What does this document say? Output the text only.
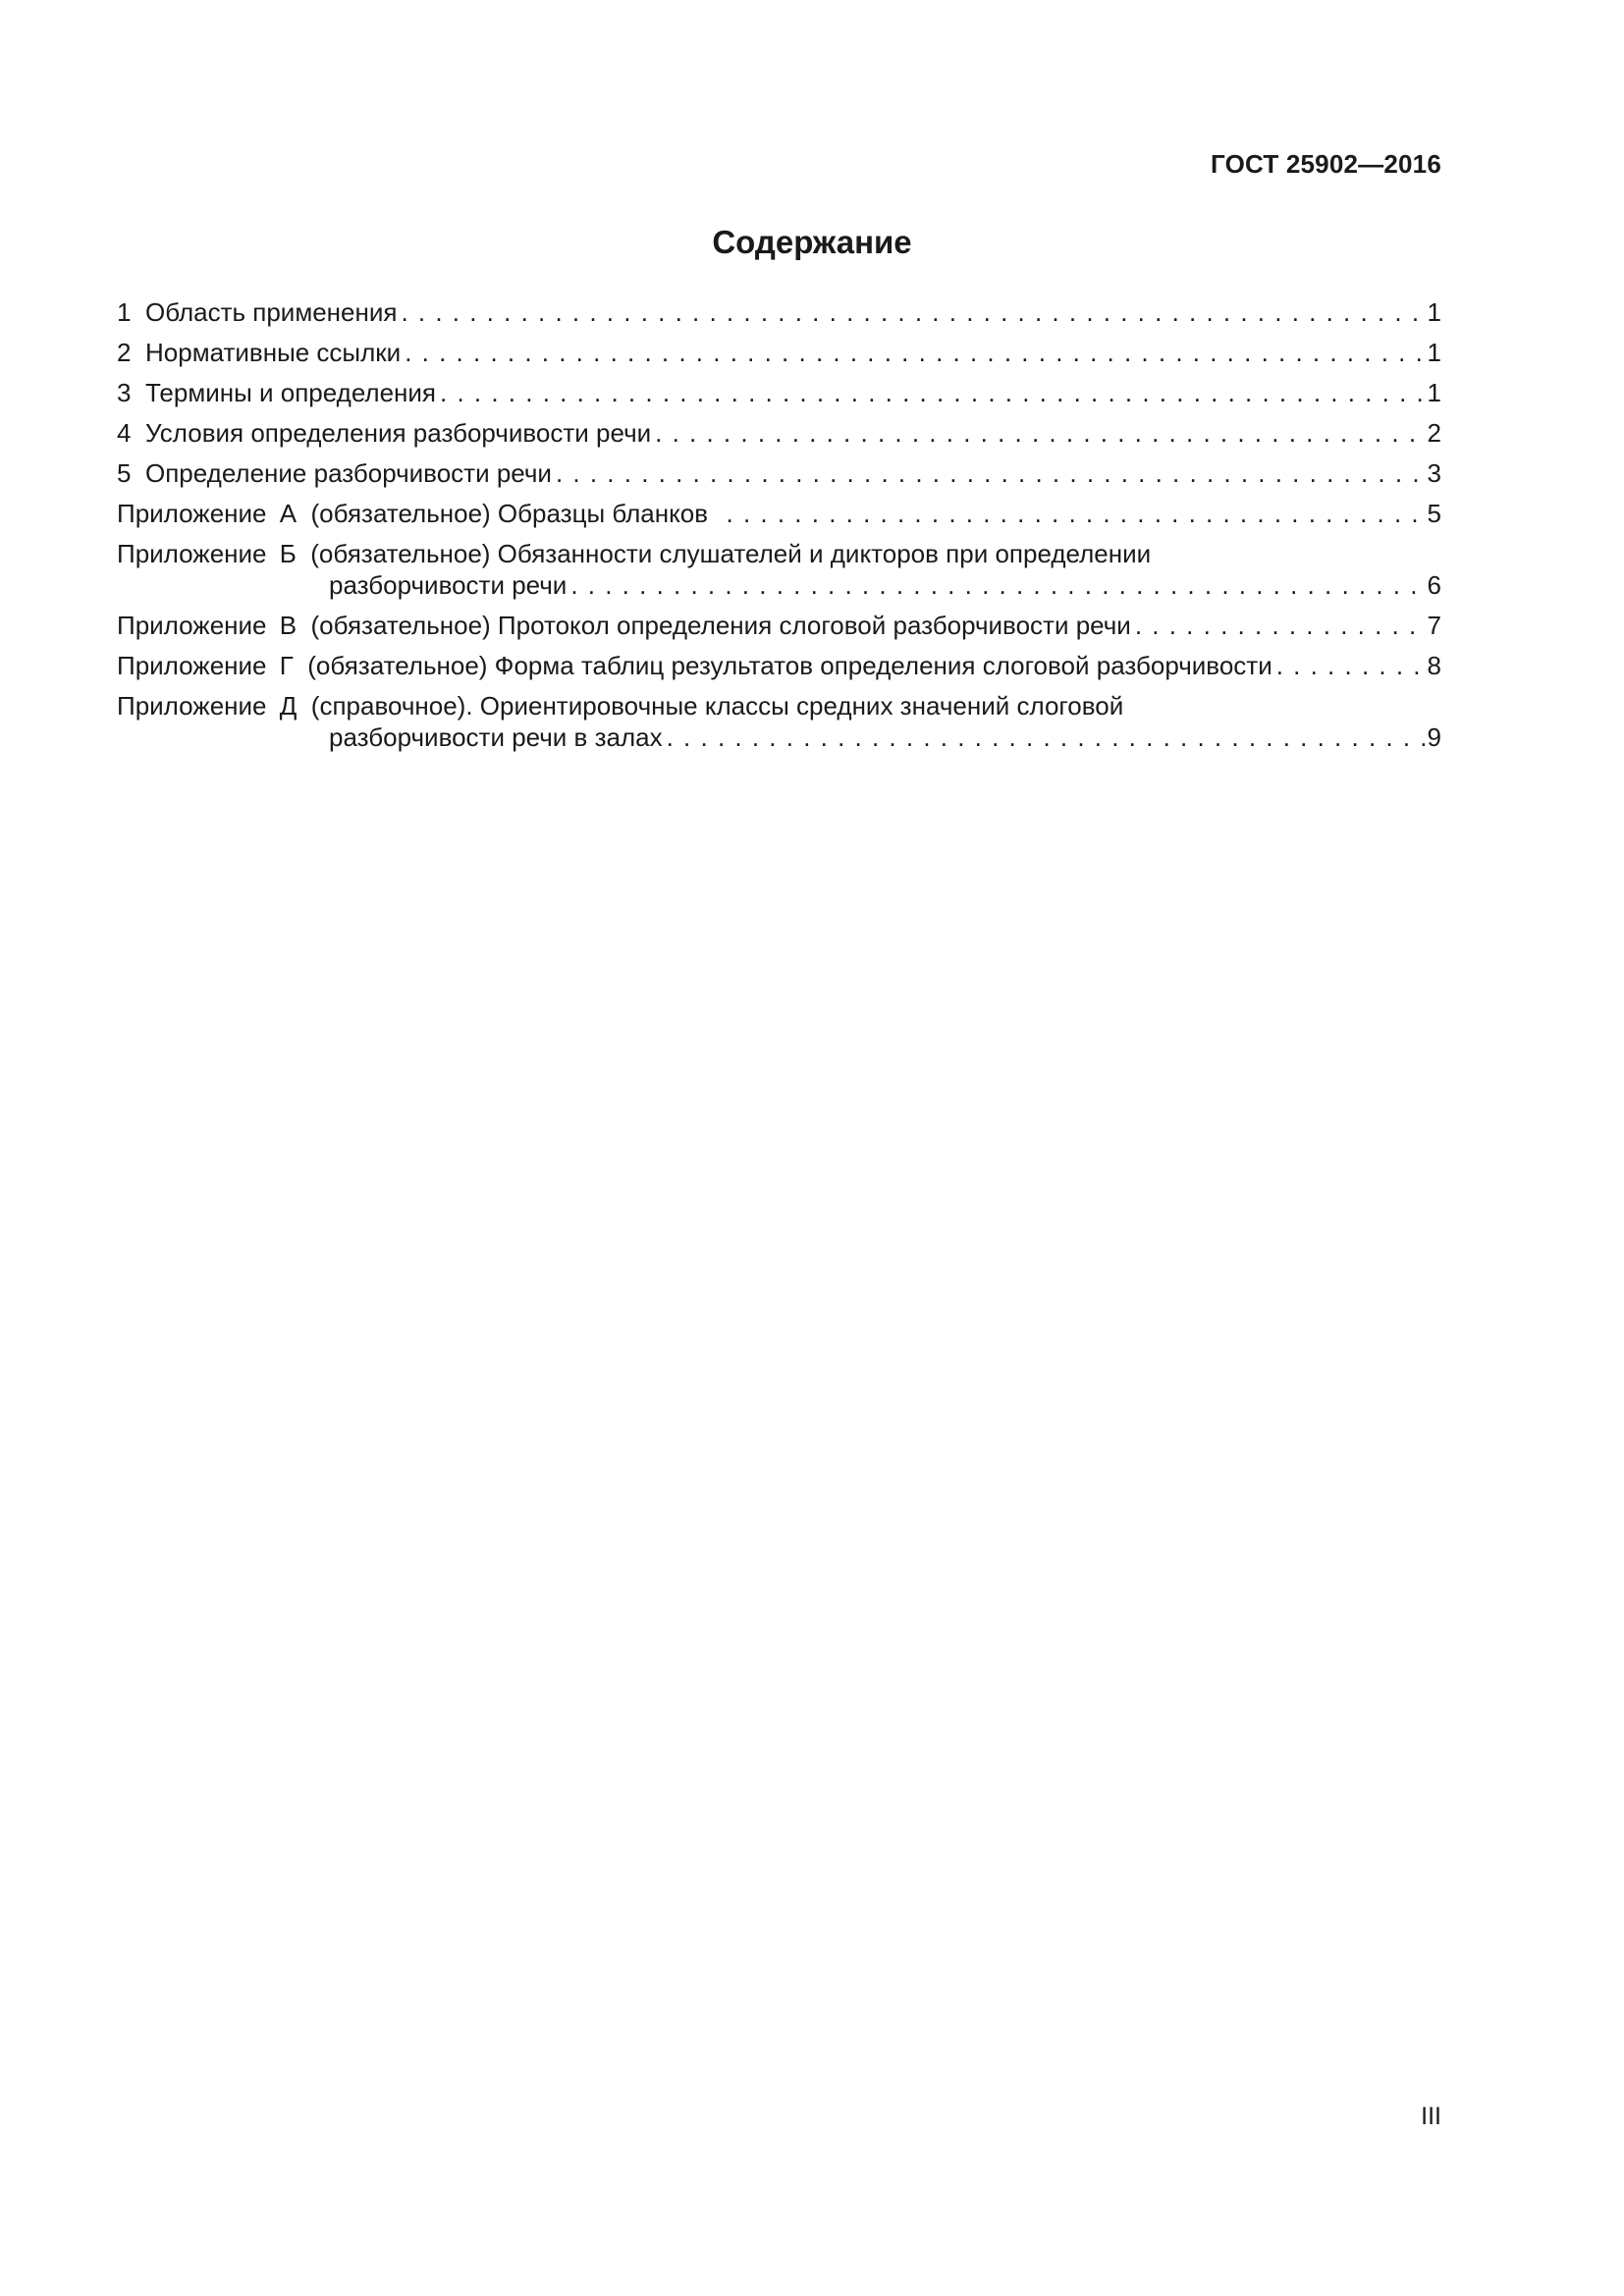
ГОСТ 25902—2016
Содержание
1 Область применения . . .	1
2 Нормативные ссылки . . .	1
3 Термины и определения . . .	1
4 Условия определения разборчивости речи . . .	2
5 Определение разборчивости речи . . .	3
Приложение А (обязательное) Образцы бланков . . .	5
Приложение Б (обязательное) Обязанности слушателей и дикторов при определении
разборчивости речи . . .	6
Приложение В (обязательное) Протокол определения слоговой разборчивости речи . . .	7
Приложение Г (обязательное) Форма таблиц результатов определения слоговой разборчивости . . .	8
Приложение Д (справочное). Ориентировочные классы средних значений слоговой
разборчивости речи в залах . . .	9
III
